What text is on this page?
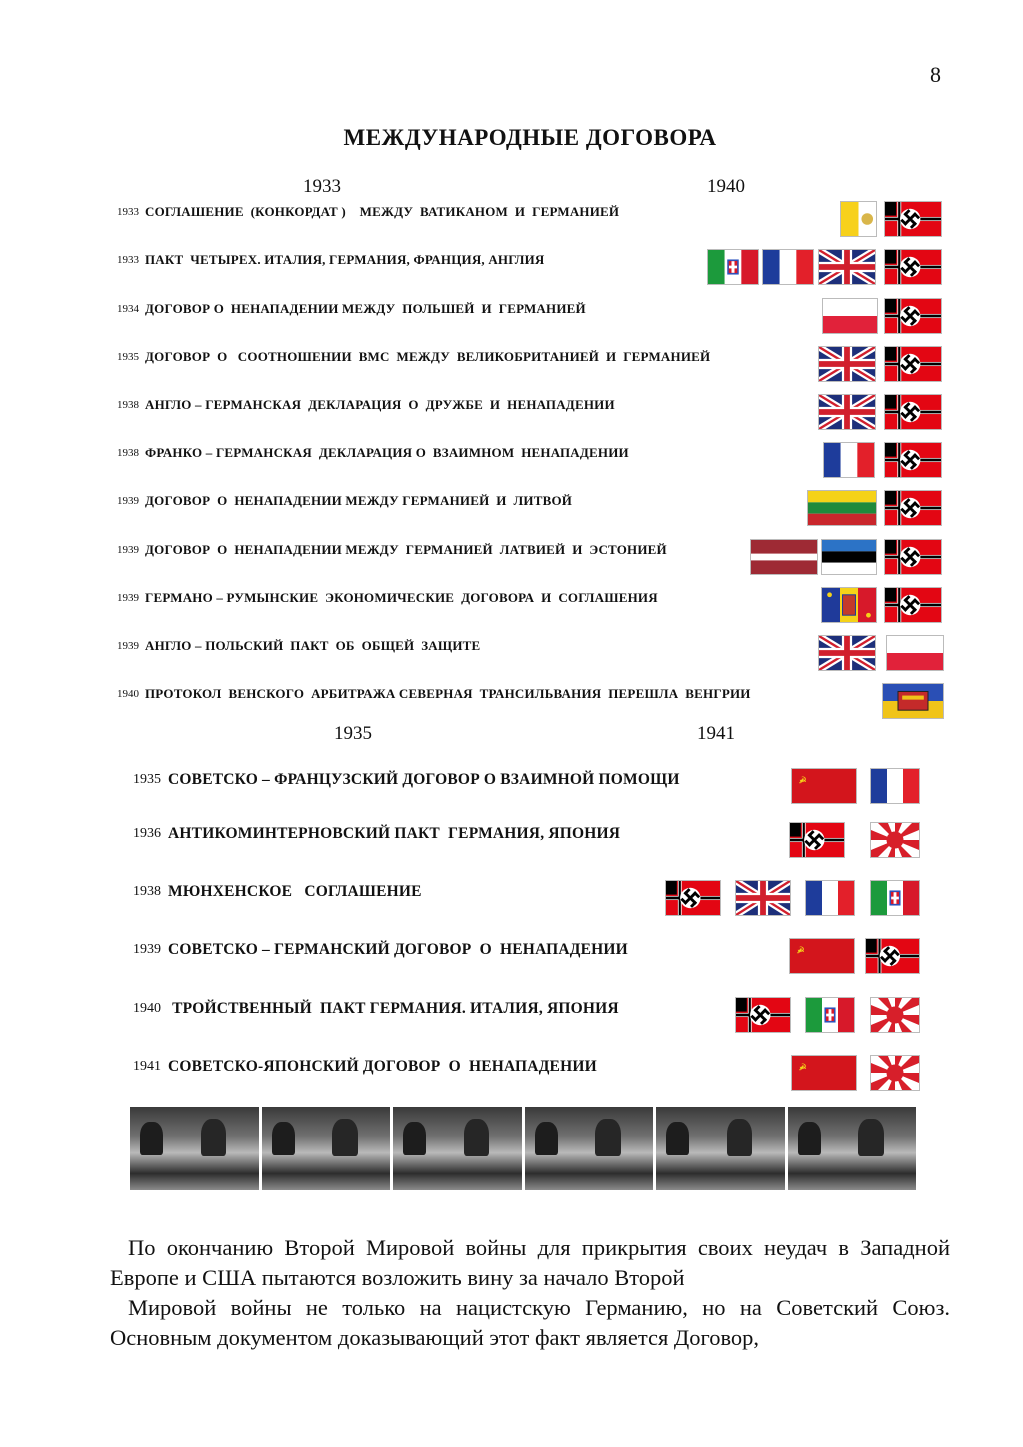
8
МЕЖДУНАРОДНЫЕ ДОГОВОРА
1933	1940
1935	1941
1933 СОГЛАШЕНИЕ  (КОНКОРДАТ )    МЕЖДУ  ВАТИКАНОМ  И  ГЕРМАНИЕЙ
1933 ПАКТ  ЧЕТЫРЕХ. ИТАЛИЯ, ГЕРМАНИЯ, ФРАНЦИЯ, АНГЛИЯ
1934 ДОГОВОР О  НЕНАПАДЕНИИ МЕЖДУ  ПОЛЬШЕЙ  И  ГЕРМАНИЕЙ
1935 ДОГОВОР  О   СООТНОШЕНИИ  ВМС  МЕЖДУ  ВЕЛИКОБРИТАНИЕЙ  И  ГЕРМАНИЕЙ
1938 АНГЛО – ГЕРМАНСКАЯ  ДЕКЛАРАЦИЯ  О  ДРУЖБЕ  И  НЕНАПАДЕНИИ
1938 ФРАНКО – ГЕРМАНСКАЯ  ДЕКЛАРАЦИЯ О  ВЗАИМНОМ  НЕНАПАДЕНИИ
1939 ДОГОВОР  О  НЕНАПАДЕНИИ МЕЖДУ ГЕРМАНИЕЙ  И  ЛИТВОЙ
1939 ДОГОВОР  О  НЕНАПАДЕНИИ МЕЖДУ  ГЕРМАНИЕЙ  ЛАТВИЕЙ  И  ЭСТОНИЕЙ
1939 ГЕРМАНО – РУМЫНСКИЕ  ЭКОНОМИЧЕСКИЕ  ДОГОВОРА  И  СОГЛАШЕНИЯ
1939 АНГЛО – ПОЛЬСКИЙ  ПАКТ  ОБ  ОБЩЕЙ  ЗАЩИТЕ
1940 ПРОТОКОЛ  ВЕНСКОГО  АРБИТРАЖА СЕВЕРНАЯ  ТРАНСИЛЬВАНИЯ  ПЕРЕШЛА  ВЕНГРИИ
1935 СОВЕТСКО – ФРАНЦУЗСКИЙ ДОГОВОР О ВЗАИМНОЙ ПОМОЩИ
1936 АНТИКОМИНТЕРНОВСКИЙ ПАКТ  ГЕРМАНИЯ, ЯПОНИЯ
1938 МЮНХЕНСКОЕ   СОГЛАШЕНИЕ
1939 СОВЕТСКО – ГЕРМАНСКИЙ ДОГОВОР  О  НЕНАПАДЕНИИ
1940 ТРОЙСТВЕННЫЙ  ПАКТ ГЕРМАНИЯ. ИТАЛИЯ, ЯПОНИЯ
1941 СОВЕТСКО-ЯПОНСКИЙ ДОГОВОР  О  НЕНАПАДЕНИИ
☭
☭
☭

По окончанию Второй Мировой войны для прикрытия своих неудач в Западной Европе и США пытаются возложить вину за начало Второй

Мировой войны не только на нацистскую Германию, но на Советский Союз. Основным документом доказывающий этот факт является Договор,
